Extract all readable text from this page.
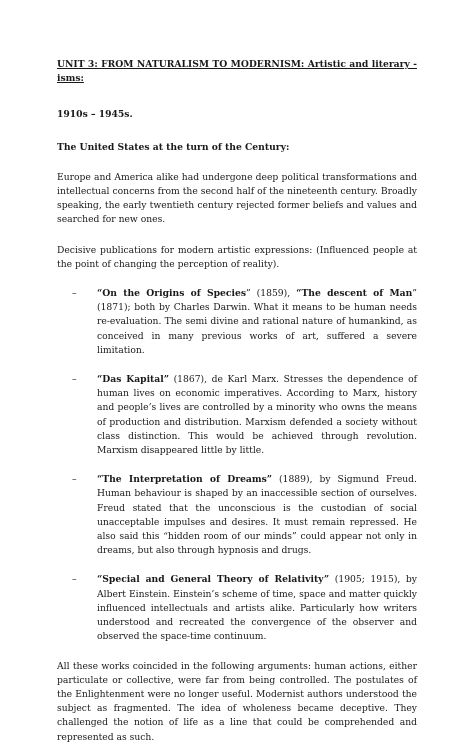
UNIT 3: FROM NATURALISM TO MODERNISM: Artistic and literary -isms:

1910s – 1945s.

The United States at the turn of the Century:

Europe and America alike had undergone deep political transformations and intellectual concerns from the second half of the nineteenth century. Broadly speaking, the early twentieth century rejected former beliefs and values and searched for new ones.

Decisive publications for modern artistic expressions: (Influenced people at the point of changing the perception of reality).

– “On the Origins of Species” (1859), “The descent of Man” (1871); both by Charles Darwin. What it means to be human needs re-evaluation. The semi divine and rational nature of humankind, as conceived in many previous works of art, suffered a severe limitation.
– “Das Kapital” (1867), de Karl Marx. Stresses the dependence of human lives on economic imperatives. According to Marx, history and people’s lives are controlled by a minority who owns the means of production and distribution. Marxism defended a society without class distinction. This would be achieved through revolution. Marxism disappeared little by little.
– “The Interpretation of Dreams” (1889), by Sigmund Freud. Human behaviour is shaped by an inaccessible section of ourselves. Freud stated that the unconscious is the custodian of social unacceptable impulses and desires. It must remain repressed. He also said this “hidden room of our minds” could appear not only in dreams, but also through hypnosis and drugs.
– “Special and General Theory of Relativity” (1905; 1915), by Albert Einstein. Einstein’s scheme of time, space and matter quickly influenced intellectuals and artists alike. Particularly how writers understood and recreated the convergence of the observer and observed the space-time continuum.

All these works coincided in the following arguments: human actions, either particulate or collective, were far from being controlled. The postulates of the Enlightenment were no longer useful. Modernist authors understood the subject as fragmented. The idea of wholeness became deceptive. They challenged the notion of life as a line that could be comprehended and represented as such.
